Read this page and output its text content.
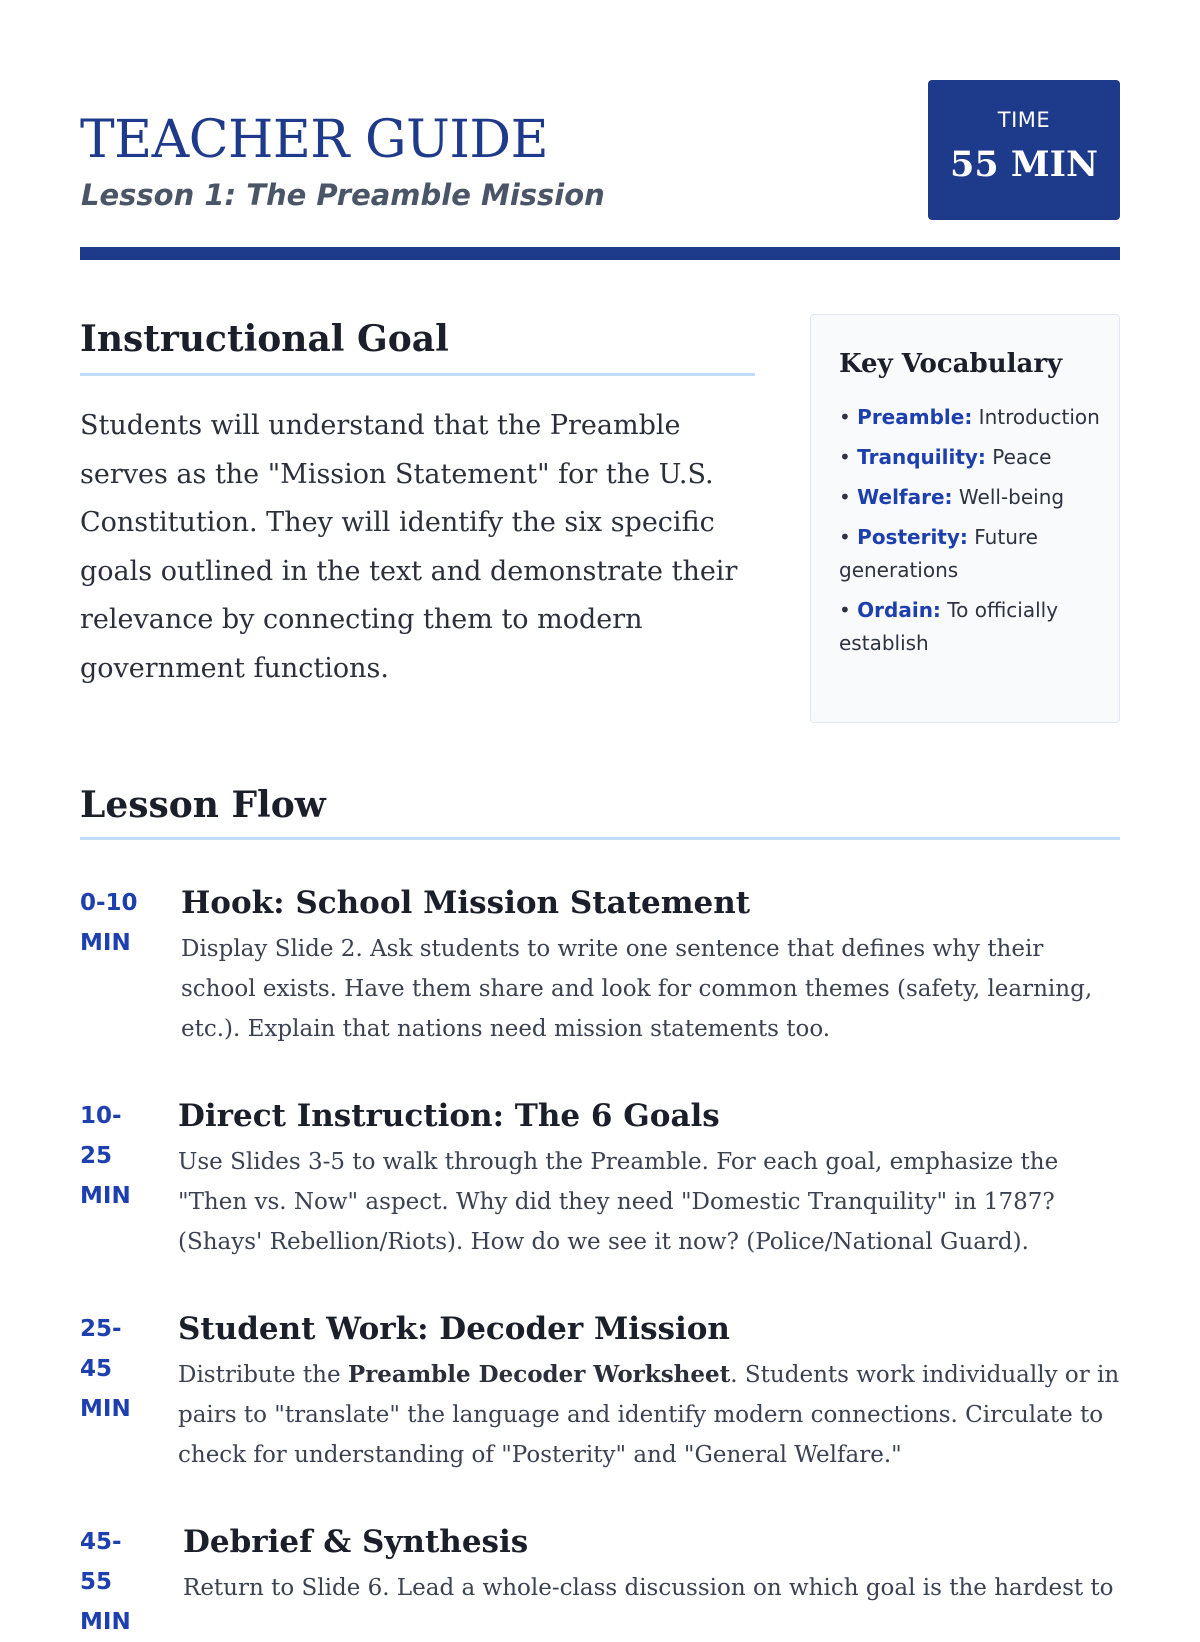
TEACHER GUIDE
Lesson 1: The Preamble Mission
TIME
55 MIN
Instructional Goal

Students will understand that the Preamble serves as the "Mission Statement" for the U.S. Constitution. They will identify the six specific goals outlined in the text and demonstrate their relevance by connecting them to modern government functions.

Key Vocabulary
• Preamble: Introduction
• Tranquility: Peace
• Welfare: Well-being
• Posterity: Future generations
• Ordain: To officially establish
Lesson Flow
0-10 MIN
Hook: School Mission Statement

Display Slide 2. Ask students to write one sentence that defines why their school exists. Have them share and look for common themes (safety, learning, etc.). Explain that nations need mission statements too.

10-25 MIN
Direct Instruction: The 6 Goals

Use Slides 3-5 to walk through the Preamble. For each goal, emphasize the "Then vs. Now" aspect. Why did they need "Domestic Tranquility" in 1787? (Shays' Rebellion/Riots). How do we see it now? (Police/National Guard).

25-45 MIN
Student Work: Decoder Mission

Distribute the Preamble Decoder Worksheet. Students work individually or in pairs to "translate" the language and identify modern connections. Circulate to check for understanding of "Posterity" and "General Welfare."

45-55 MIN
Debrief & Synthesis

Return to Slide 6. Lead a whole-class discussion on which goal is the hardest to
